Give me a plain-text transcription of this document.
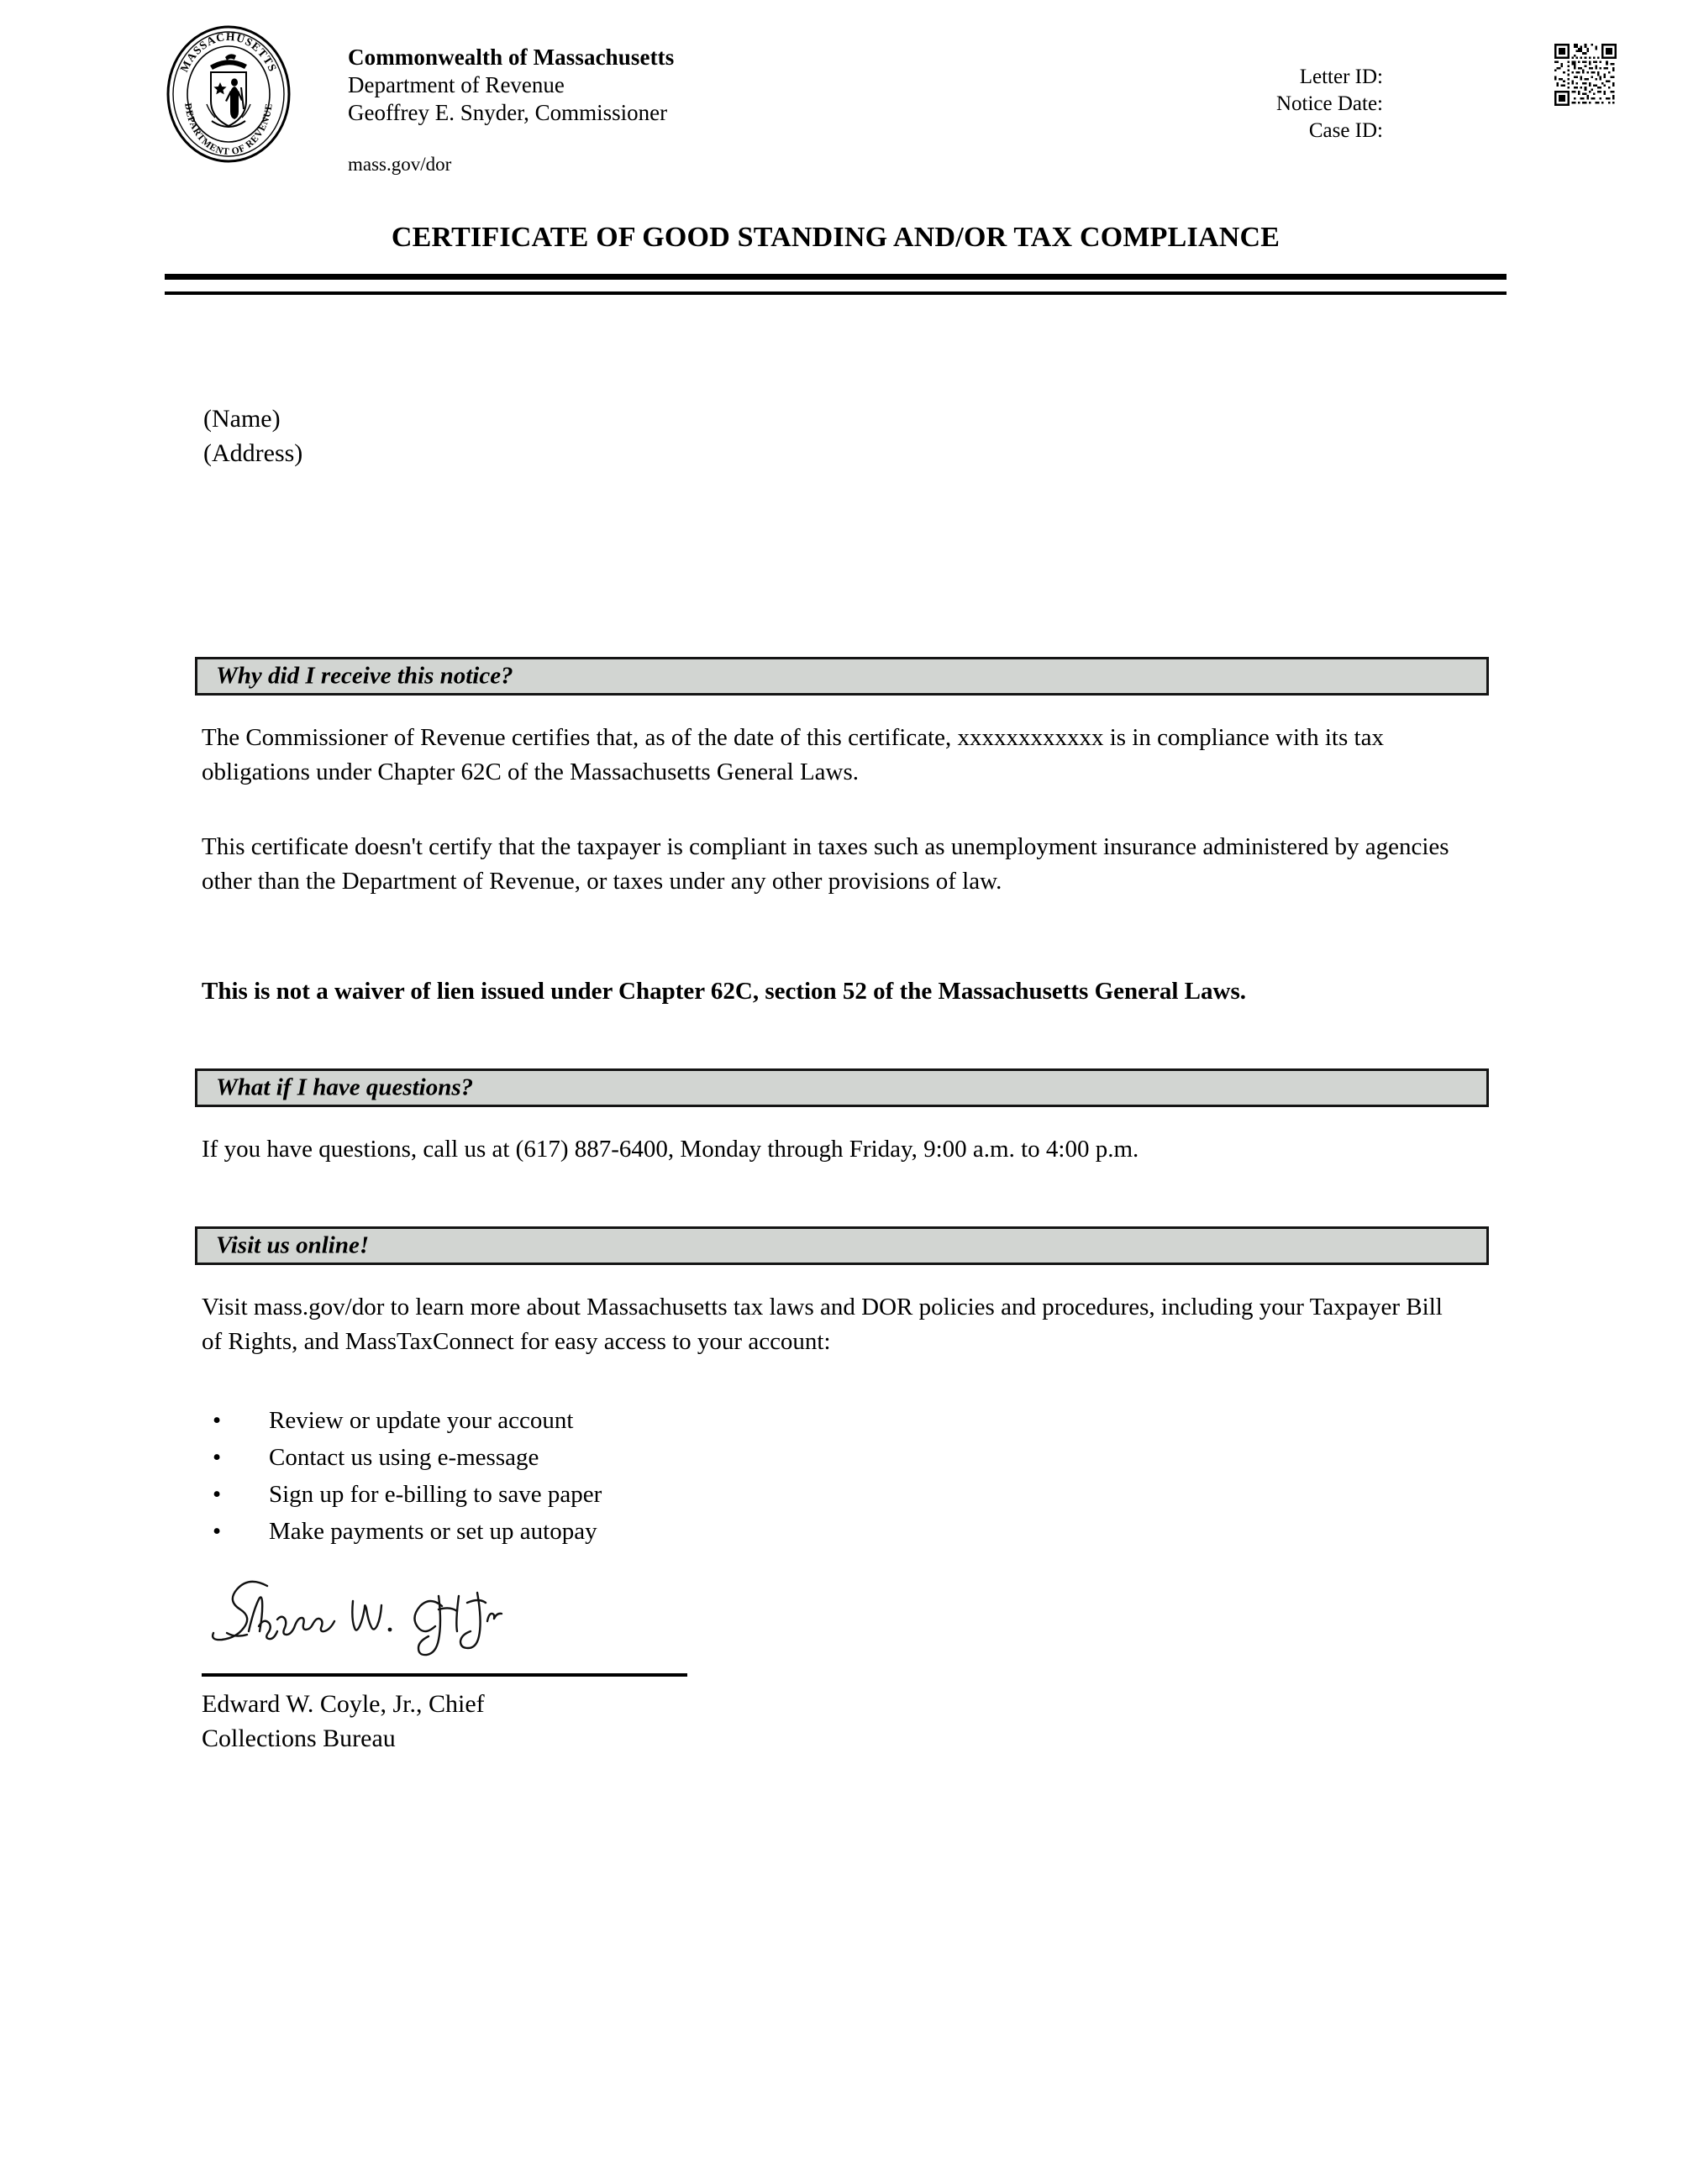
MASSACHUSETTS
DEPARTMENT OF REVENUE
Commonwealth of Massachusetts
Department of Revenue
Geoffrey E. Snyder, Commissioner
mass.gov/dor
Letter ID:
Notice Date:
Case ID:
CERTIFICATE OF GOOD STANDING AND/OR TAX COMPLIANCE
(Name)
(Address)
Why did I receive this notice?
The Commissioner of Revenue certifies that, as of the date of this certificate, xxxxxxxxxxxx is in compliance with its tax obligations under Chapter 62C of the Massachusetts General Laws.
This certificate doesn't certify that the taxpayer is compliant in taxes such as unemployment insurance administered by agencies other than the Department of Revenue, or taxes under any other provisions of law.
This is not a waiver of lien issued under Chapter 62C, section 52 of the Massachusetts General Laws.
What if I have questions?
If you have questions, call us at (617) 887-6400, Monday through Friday, 9:00 a.m. to 4:00 p.m.
Visit us online!
Visit mass.gov/dor to learn more about Massachusetts tax laws and DOR policies and procedures, including your Taxpayer Bill of Rights, and MassTaxConnect for easy access to your account:
• Review or update your account
• Contact us using e-message
• Sign up for e-billing to save paper
• Make payments or set up autopay
Edward W. Coyle, Jr., Chief
Collections Bureau
